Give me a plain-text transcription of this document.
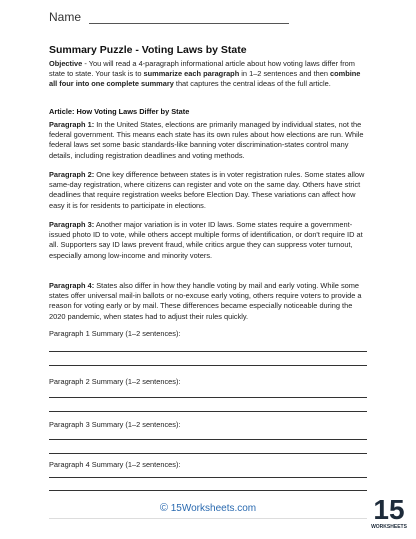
Name
Summary Puzzle - Voting Laws by State
Objective - You will read a 4-paragraph informational article about how voting laws differ from state to state. Your task is to summarize each paragraph in 1–2 sentences and then combine all four into one complete summary that captures the central ideas of the full article.
Article: How Voting Laws Differ by State
Paragraph 1: In the United States, elections are primarily managed by individual states, not the federal government. This means each state has its own rules about how elections are run. While federal laws set some basic standards-like banning voter discrimination-states control many details, including registration deadlines and voting methods.
Paragraph 2: One key difference between states is in voter registration rules. Some states allow same-day registration, where citizens can register and vote on the same day. Others have strict deadlines that require registration weeks before Election Day. These variations can affect how easy it is for residents to participate in elections.
Paragraph 3: Another major variation is in voter ID laws. Some states require a government-issued photo ID to vote, while others accept multiple forms of identification, or don't require ID at all. Supporters say ID laws prevent fraud, while critics argue they can suppress voter turnout, especially among low-income and minority voters.
Paragraph 4: States also differ in how they handle voting by mail and early voting. While some states offer universal mail-in ballots or no-excuse early voting, others require voters to provide a reason for voting early or by mail. These differences became especially noticeable during the 2020 pandemic, when states had to adjust their rules quickly.
Paragraph 1 Summary (1–2 sentences):
Paragraph 2 Summary (1–2 sentences):
Paragraph 3 Summary (1–2 sentences):
Paragraph 4 Summary (1–2 sentences):
© 15Worksheets.com	15
WORKSHEETS
